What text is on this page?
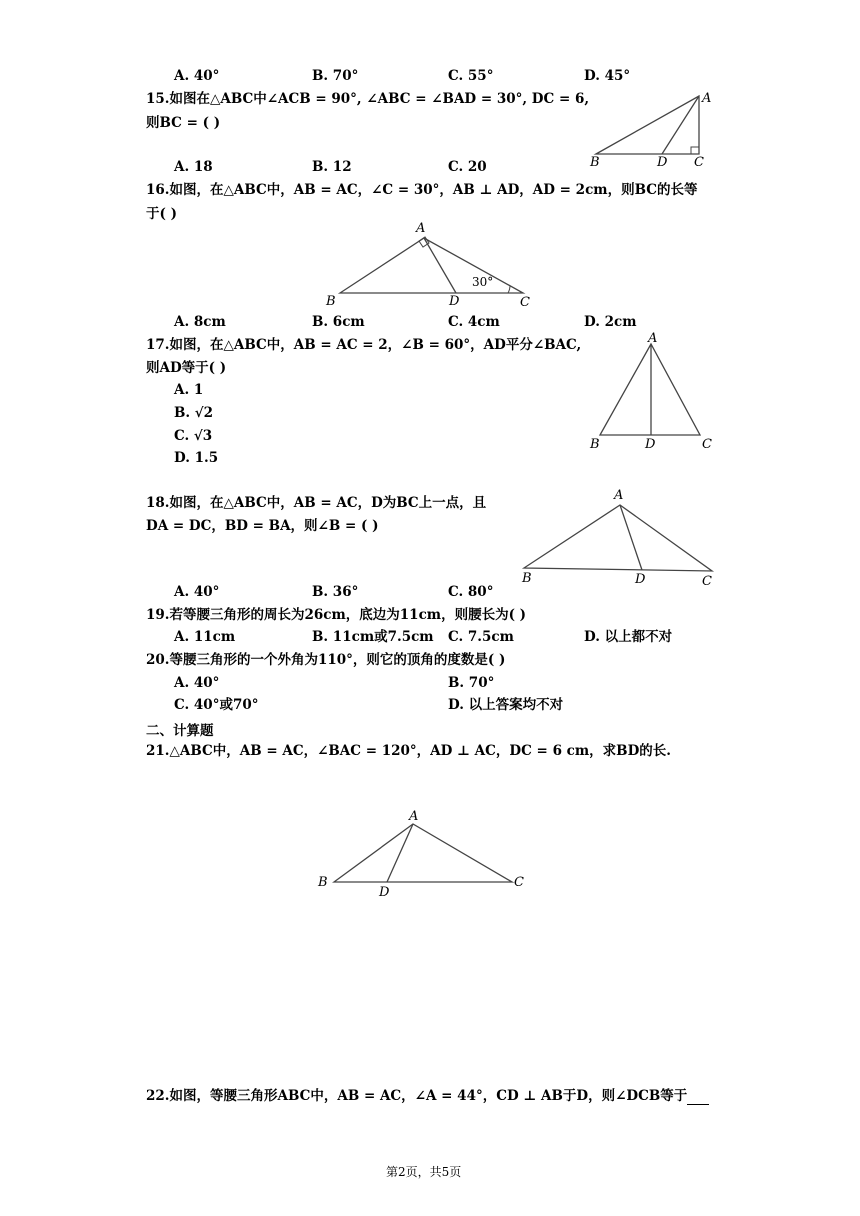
A. 40°	B. 70°	C. 55°	D. 45°
15.如图在△ABC中∠ACB = 90°, ∠ABC = ∠BAD = 30°, DC = 6,
则BC = ( )
A. 18	B. 12	C. 20
A
B	D C
16.如图，在△ABC中，AB = AC，∠C = 30°，AB ⊥ AD，AD = 2cm，则BC的长等
于( )
A
B	D	C
30°
A. 8cm	B. 6cm	C. 4cm	D. 2cm
17.如图，在△ABC中，AB = AC = 2，∠B = 60°，AD平分∠BAC,
则AD等于( )
A. 1
B. √2
C. √3
D. 1.5
A
B	D	C
18.如图，在△ABC中，AB = AC，D为BC上一点，且
DA = DC，BD = BA，则∠B = ( )
A
B	D	C
A. 40°	B. 36°	C. 80°
19.若等腰三角形的周长为26cm，底边为11cm，则腰长为( )
A. 11cm	B. 11cm或7.5cm C. 7.5cm	D. 以上都不对
20.等腰三角形的一个外角为110°，则它的顶角的度数是( )
A. 40°	B. 70°
C. 40°或70°	D. 以上答案均不对
二、计算题
21.△ABC中，AB = AC，∠BAC = 120°，AD ⊥ AC，DC = 6 cm，求BD的长.
A
B
D
C
22.如图，等腰三角形ABC中，AB = AC，∠A = 44°，CD ⊥ AB于D，则∠DCB等于
第2页，共5页
